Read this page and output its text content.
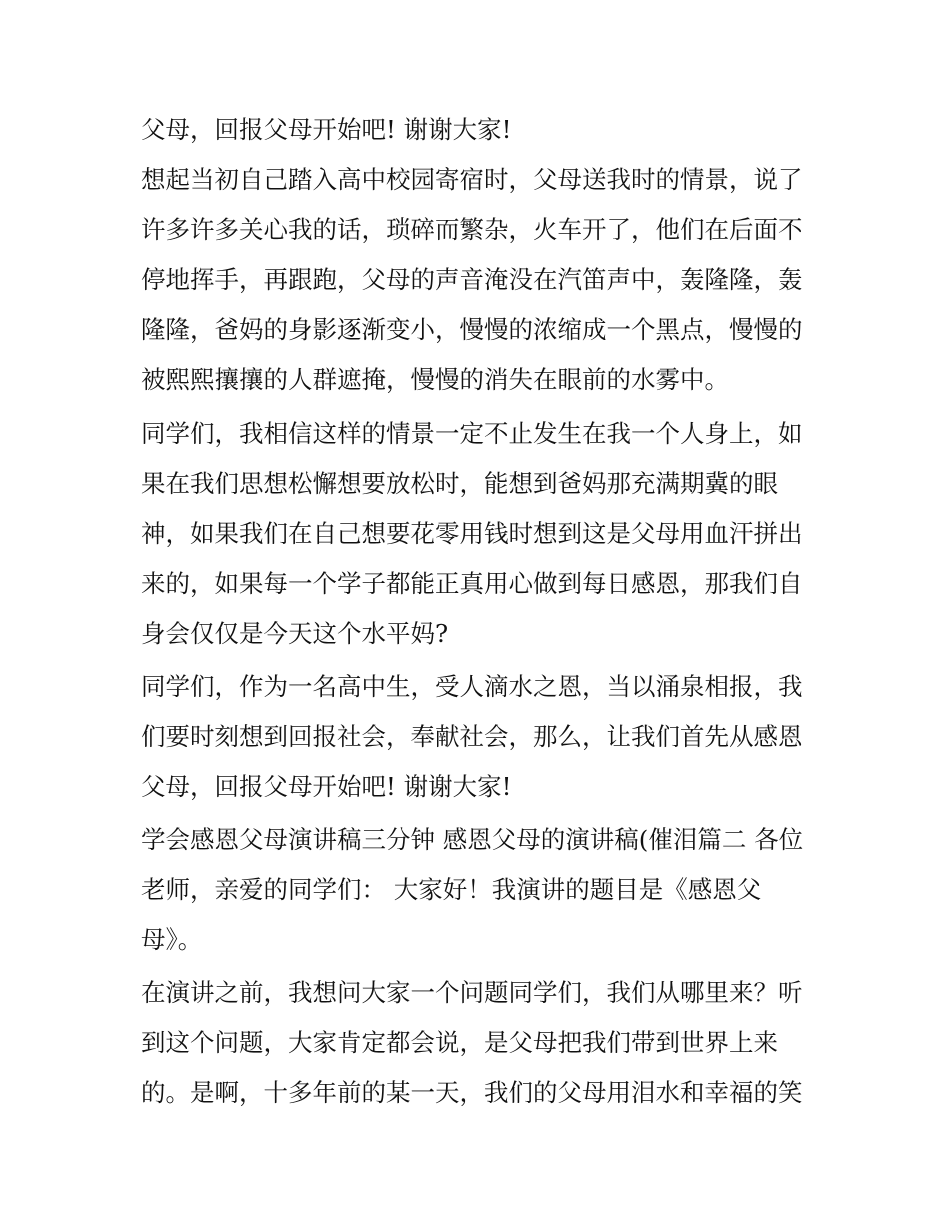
父母，回报父母开始吧! 谢谢大家!

想起当初自己踏入高中校园寄宿时，父母送我时的情景，说了

许多许多关心我的话，琐碎而繁杂，火车开了，他们在后面不

停地挥手，再跟跑，父母的声音淹没在汽笛声中，轰隆隆，轰

隆隆，爸妈的身影逐渐变小，慢慢的浓缩成一个黑点，慢慢的

被熙熙攘攘的人群遮掩，慢慢的消失在眼前的水雾中。

同学们，我相信这样的情景一定不止发生在我一个人身上，如

果在我们思想松懈想要放松时，能想到爸妈那充满期冀的眼

神，如果我们在自己想要花零用钱时想到这是父母用血汗拼出

来的，如果每一个学子都能正真用心做到每日感恩，那我们自

身会仅仅是今天这个水平妈?

同学们，作为一名高中生，受人滴水之恩，当以涌泉相报，我

们要时刻想到回报社会，奉献社会，那么，让我们首先从感恩

父母，回报父母开始吧! 谢谢大家!

学会感恩父母演讲稿三分钟 感恩父母的演讲稿(催泪篇二 各位

老师，亲爱的同学们： 大家好！我演讲的题目是《感恩父

母》。

在演讲之前，我想问大家一个问题同学们，我们从哪里来？听

到这个问题，大家肯定都会说，是父母把我们带到世界上来

的。是啊，十多年前的某一天，我们的父母用泪水和幸福的笑
